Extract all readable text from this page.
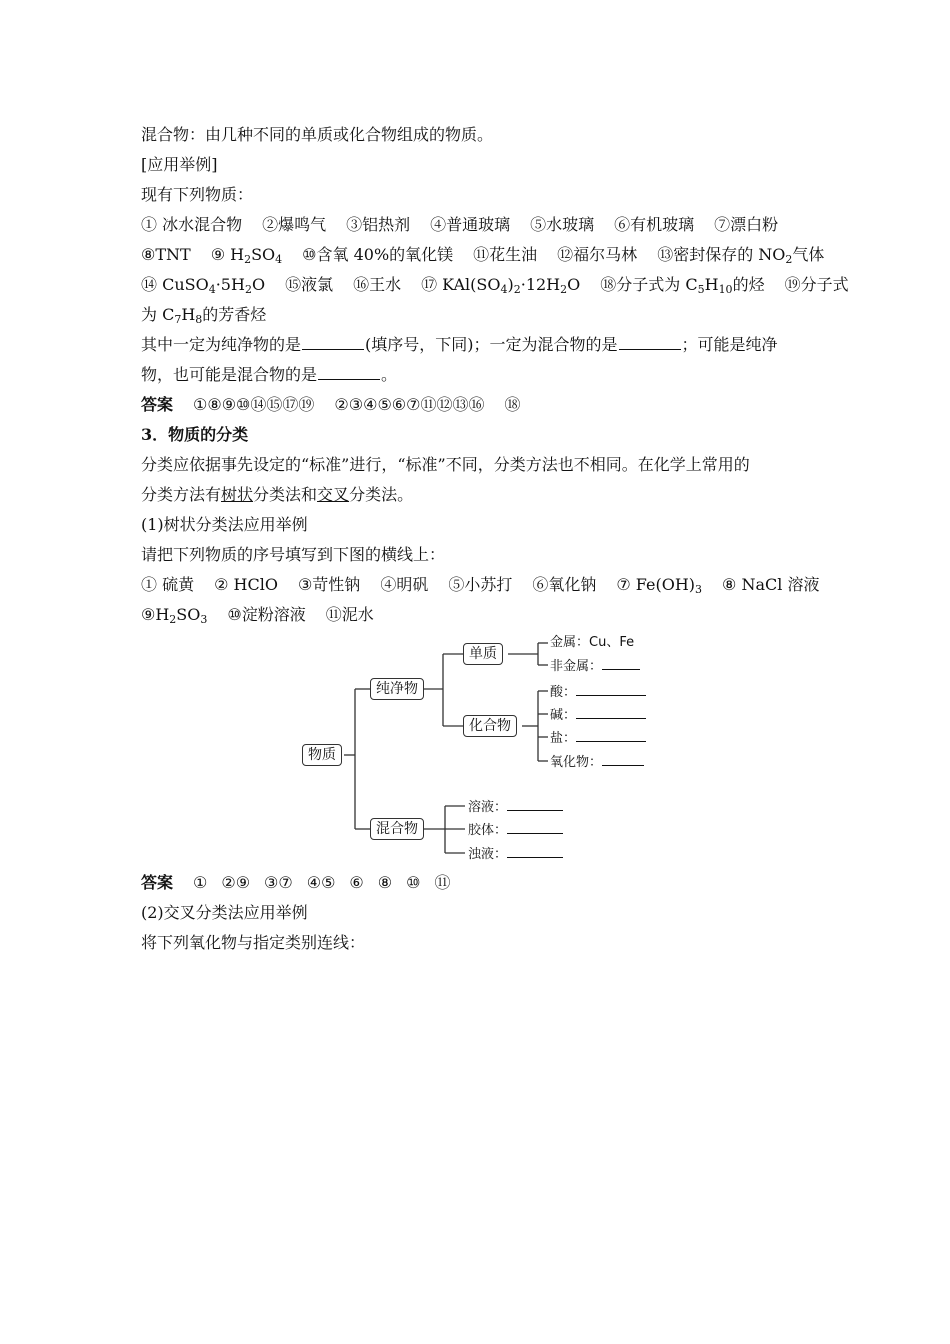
混合物：由几种不同的单质或化合物组成的物质。
[应用举例]
现有下列物质：
① 冰水混合物 ②爆鸣气 ③铝热剂 ④普通玻璃 ⑤水玻璃 ⑥有机玻璃 ⑦漂白粉
⑧TNT ⑨ $H_2SO_4$ ⑩含氧 40%的氧化镁 ⑪花生油 ⑫福尔马林 ⑬密封保存的 $NO_2$气体
⑭ $CuSO_4\cdot 5H_2O$ ⑮液氯 ⑯王水 ⑰ $KAl(SO_4)_2\cdot 12H_2O$ ⑱分子式为 $C_5H_{10}$的烃 ⑲分子式
为 $C_7H_8$的芳香烃
其中一定为纯净物的是	(填序号，下同)；一定为混合物的是	；可能是纯净
物，也可能是混合物的是	。
答案 ①⑧⑨⑩⑭⑮⑰⑲ ②③④⑤⑥⑦⑪⑫⑬⑯ ⑱
3．物质的分类
分类应依据事先设定的“标准”进行，“标准”不同，分类方法也不相同。在化学上常用的
分类方法有树状分类法和交叉分类法。
(1)树状分类法应用举例
请把下列物质的序号填写到下图的横线上：
① 硫黄 ② HClO ③苛性钠 ④明矾 ⑤小苏打 ⑥氧化钠 ⑦ $Fe(OH)_3$ ⑧ NaCl 溶液
$⑨H_2SO_3$ ⑩淀粉溶液 ⑪泥水
物质
纯净物
混合物
单质
化合物
金属：Cu、Fe
非金属：
酸：
碱：
盐：
氧化物：
溶液：
胶体：
浊液：
答案 ① ②⑨ ③⑦ ④⑤ ⑥ ⑧ ⑩ ⑪
(2)交叉分类法应用举例
将下列氧化物与指定类别连线：
